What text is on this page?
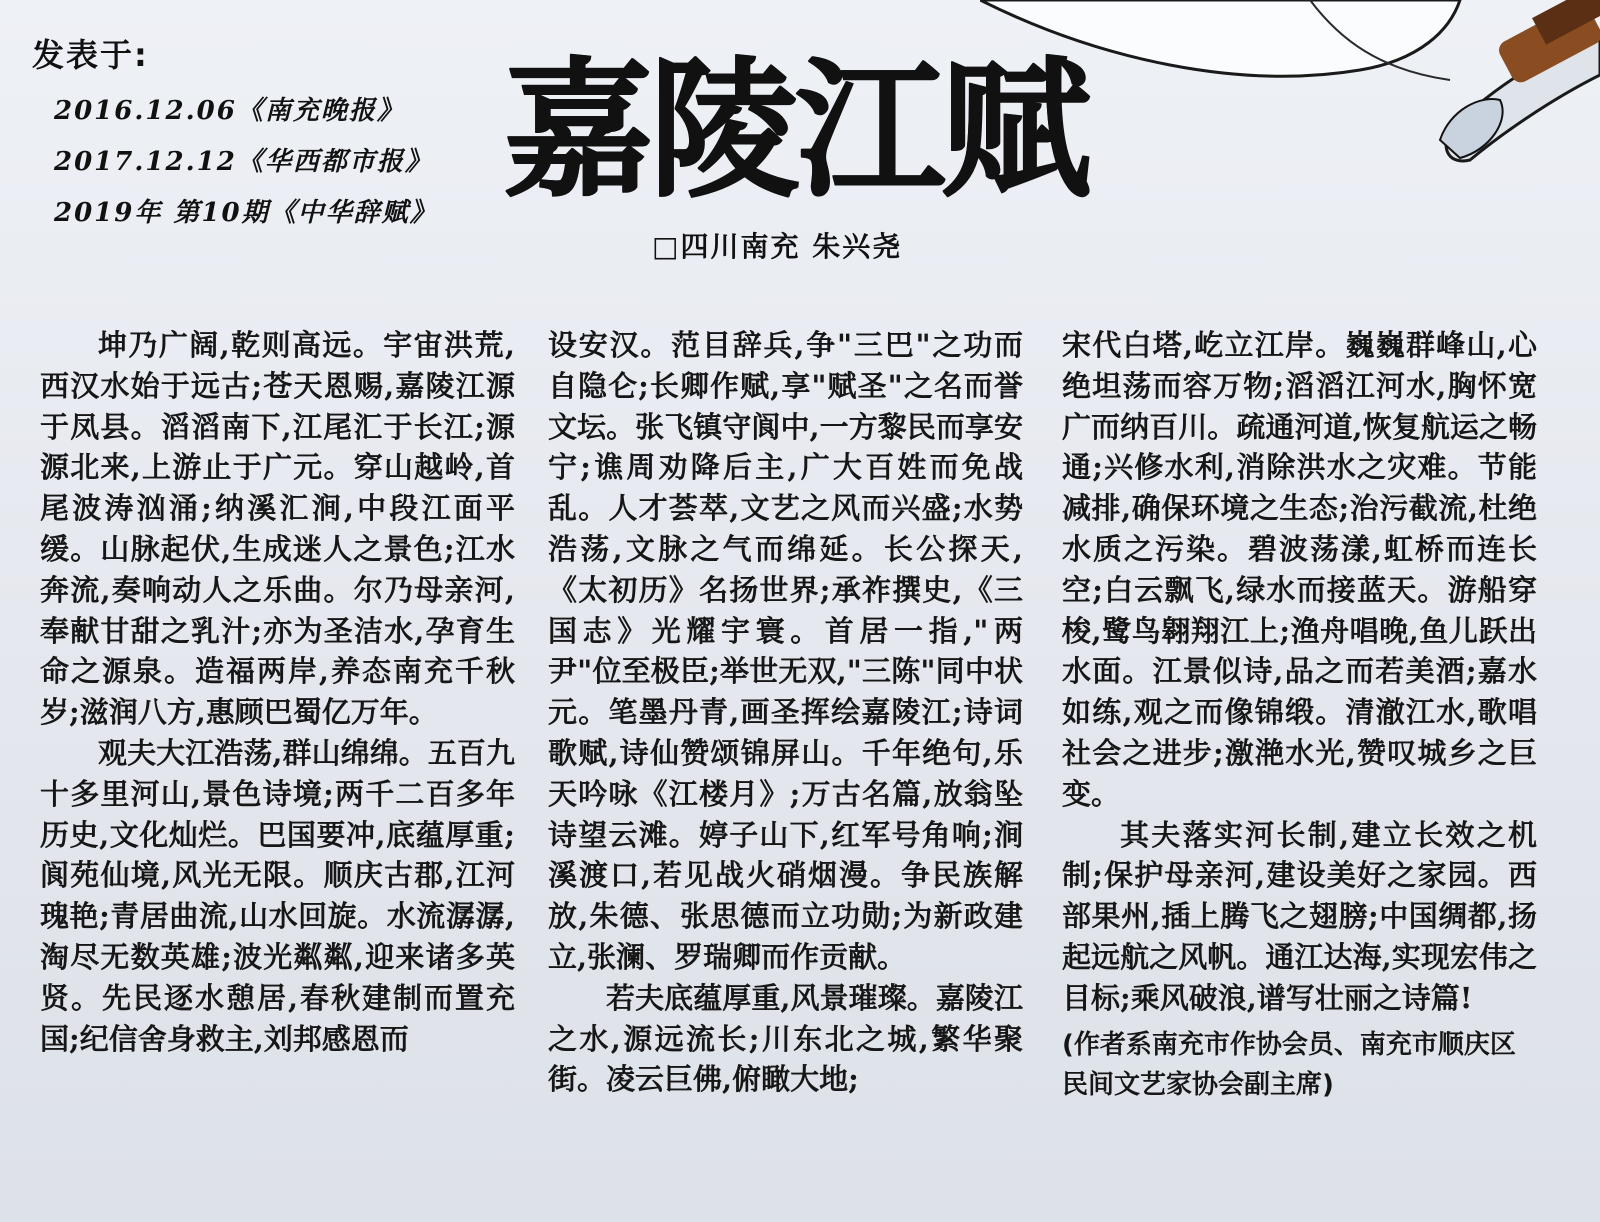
发表于:
2016.12.06《南充晚报》
2017.12.12《华西都市报》
2019年 第10期《中华辞赋》 嘉陵江赋
□四川南充 朱兴尧

坤乃广阔,乾则高远。宇宙洪荒,西汉水始于远古;苍天恩赐,嘉陵江源于凤县。滔滔南下,江尾汇于长江;源源北来,上游止于广元。穿山越岭,首尾波涛汹涌;纳溪汇涧,中段江面平缓。山脉起伏,生成迷人之景色;江水奔流,奏响动人之乐曲。尔乃母亲河,奉献甘甜之乳汁;亦为圣洁水,孕育生命之源泉。造福两岸,养态南充千秋岁;滋润八方,惠顾巴蜀亿万年。

观夫大江浩荡,群山绵绵。五百九十多里河山,景色诗境;两千二百多年历史,文化灿烂。巴国要冲,底蕴厚重;阆苑仙境,风光无限。顺庆古郡,江河瑰艳;青居曲流,山水回旋。水流潺潺,淘尽无数英雄;波光粼粼,迎来诸多英贤。先民逐水憩居,春秋建制而置充国;纪信舍身救主,刘邦感恩而

设安汉。范目辞兵,争"三巴"之功而自隐仑;长卿作赋,享"赋圣"之名而誉文坛。张飞镇守阆中,一方黎民而享安宁;谯周劝降后主,广大百姓而免战乱。人才荟萃,文艺之风而兴盛;水势浩荡,文脉之气而绵延。长公探天,《太初历》名扬世界;承祚撰史,《三国志》光耀宇寰。首居一指,"两尹"位至极臣;举世无双,"三陈"同中状元。笔墨丹青,画圣挥绘嘉陵江;诗词歌赋,诗仙赞颂锦屏山。千年绝句,乐天吟咏《江楼月》;万古名篇,放翁坠诗望云滩。婷子山下,红军号角响;涧溪渡口,若见战火硝烟漫。争民族解放,朱德、张思德而立功勋;为新政建立,张澜、罗瑞卿而作贡献。

若夫底蕴厚重,风景璀璨。嘉陵江之水,源远流长;川东北之城,繁华聚街。凌云巨佛,俯瞰大地;

宋代白塔,屹立江岸。巍巍群峰山,心绝坦荡而容万物;滔滔江河水,胸怀宽广而纳百川。疏通河道,恢复航运之畅通;兴修水利,消除洪水之灾难。节能减排,确保环境之生态;治污截流,杜绝水质之污染。碧波荡漾,虹桥而连长空;白云飘飞,绿水而接蓝天。游船穿梭,鹭鸟翱翔江上;渔舟唱晚,鱼儿跃出水面。江景似诗,品之而若美酒;嘉水如练,观之而像锦缎。清澈江水,歌唱社会之进步;激滟水光,赞叹城乡之巨变。

其夫落实河长制,建立长效之机制;保护母亲河,建设美好之家园。西部果州,插上腾飞之翅膀;中国绸都,扬起远航之风帆。通江达海,实现宏伟之目标;乘风破浪,谱写壮丽之诗篇!

(作者系南充市作协会员、南充市顺庆区民间文艺家协会副主席)
